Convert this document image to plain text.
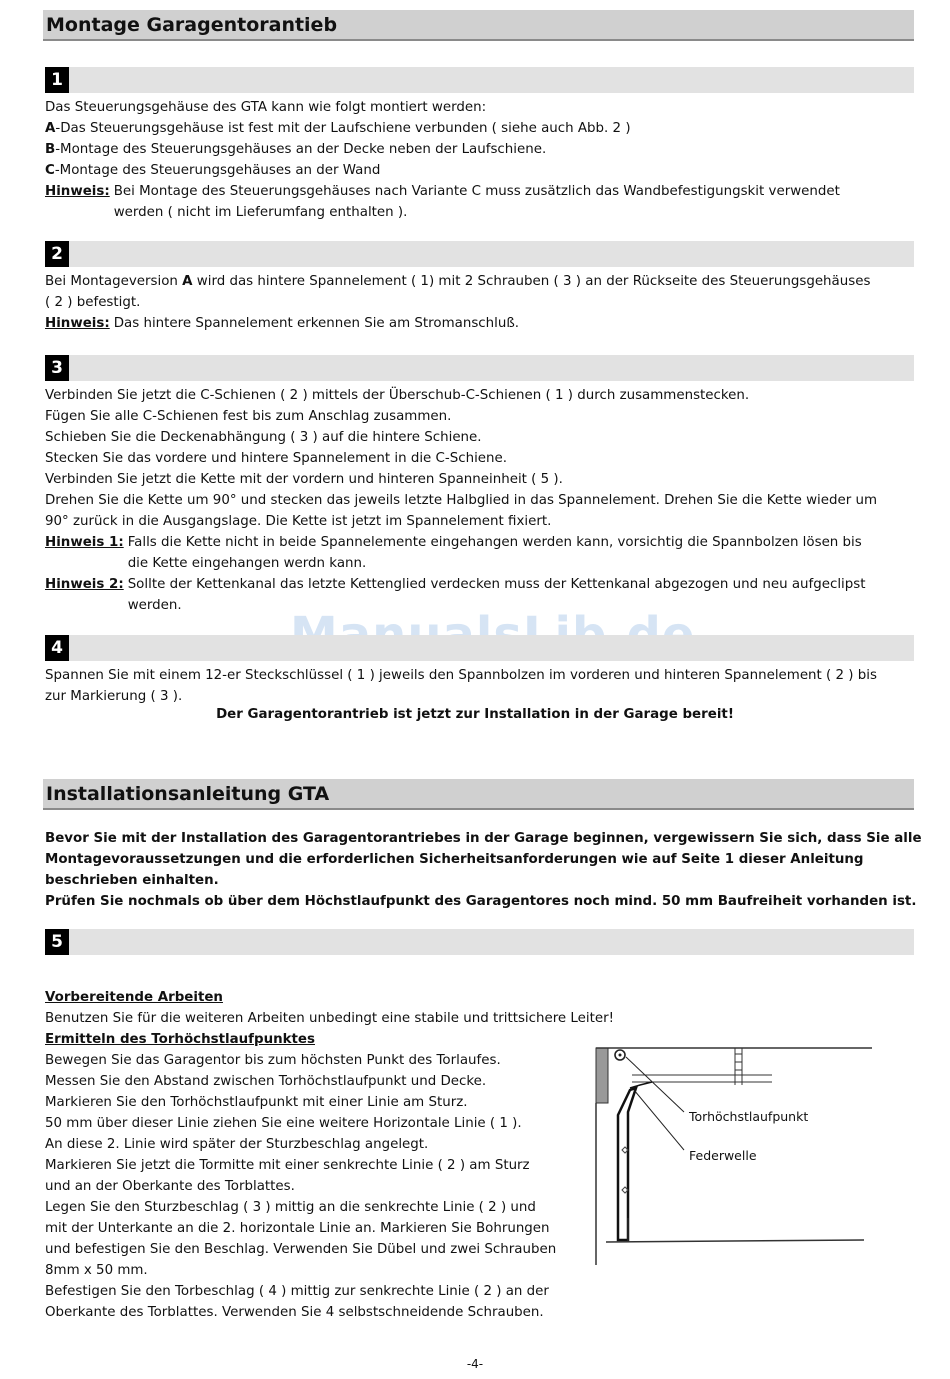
Montage Garagentorantieb
1
Das Steuerungsgehäuse des GTA kann wie folgt montiert werden:
A-Das Steuerungsgehäuse ist fest mit der Laufschiene verbunden ( siehe auch Abb. 2 )
B-Montage des Steuerungsgehäuses an der Decke neben der Laufschiene.
C-Montage des Steuerungsgehäuses an der Wand
Hinweis: Bei Montage des Steuerungsgehäuses nach Variante C muss zusätzlich das Wandbefestigungskit verwendet
werden ( nicht im Lieferumfang enthalten ).
2
Bei Montageversion A wird das hintere Spannelement ( 1) mit 2 Schrauben ( 3 ) an der Rückseite des Steuerungsgehäuses
( 2 ) befestigt.
Hinweis: Das hintere Spannelement erkennen Sie am Stromanschluß.
3
Verbinden Sie jetzt die C-Schienen ( 2 ) mittels der Überschub-C-Schienen ( 1 ) durch zusammenstecken.
Fügen Sie alle C-Schienen fest bis zum Anschlag zusammen.
Schieben Sie die Deckenabhängung ( 3 ) auf die hintere Schiene.
Stecken Sie das vordere und hintere Spannelement in die C-Schiene.
Verbinden Sie jetzt die Kette mit der vordern und hinteren Spanneinheit ( 5 ).
Drehen Sie die Kette um 90° und stecken das jeweils letzte Halbglied in das Spannelement. Drehen Sie die Kette wieder um
90° zurück in die Ausgangslage. Die Kette ist jetzt im Spannelement fixiert.
Hinweis 1: Falls die Kette nicht in beide Spannelemente eingehangen werden kann, vorsichtig die Spannbolzen lösen bis
die Kette eingehangen werdn kann.
Hinweis 2: Sollte der Kettenkanal das letzte Kettenglied verdecken muss der Kettenkanal abgezogen und neu aufgeclipst
werden.
4
Spannen Sie mit einem 12-er Steckschlüssel ( 1 ) jeweils den Spannbolzen im vorderen und hinteren Spannelement ( 2 ) bis
zur Markierung ( 3 ).
Der Garagentorantrieb ist jetzt zur Installation in der Garage bereit!
Installationsanleitung GTA
Bevor Sie mit der Installation des Garagentorantriebes in der Garage beginnen, vergewissern Sie sich, dass Sie alle
Montagevoraussetzungen und die erforderlichen Sicherheitsanforderungen wie auf Seite 1 dieser Anleitung
beschrieben einhalten.
Prüfen Sie nochmals ob über dem Höchstlaufpunkt des Garagentores noch mind. 50 mm Baufreiheit vorhanden ist.
5
Vorbereitende Arbeiten
Benutzen Sie für die weiteren Arbeiten unbedingt eine stabile und trittsichere Leiter!
Ermitteln des Torhöchstlaufpunktes
Bewegen Sie das Garagentor bis zum höchsten Punkt des Torlaufes.
Messen Sie den Abstand zwischen Torhöchstlaufpunkt und Decke.
Markieren Sie den Torhöchstlaufpunkt mit einer Linie am Sturz.
50 mm über dieser Linie ziehen Sie eine weitere Horizontale Linie ( 1 ).
An diese 2. Linie wird später der Sturzbeschlag angelegt.
Markieren Sie jetzt die Tormitte mit einer senkrechte Linie ( 2 ) am Sturz
und an der Oberkante des Torblattes.
Legen Sie den Sturzbeschlag ( 3 ) mittig an die senkrechte Linie ( 2 ) und
mit der Unterkante an die 2. horizontale Linie an. Markieren Sie Bohrungen
und befestigen Sie den Beschlag. Verwenden Sie Dübel und zwei Schrauben
8mm x 50 mm.
Befestigen Sie den Torbeschlag ( 4 ) mittig zur senkrechte Linie ( 2 ) an der
Oberkante des Torblattes. Verwenden Sie 4 selbstschneidende Schrauben.
Torhöchstlaufpunkt
Federwelle
-4-
